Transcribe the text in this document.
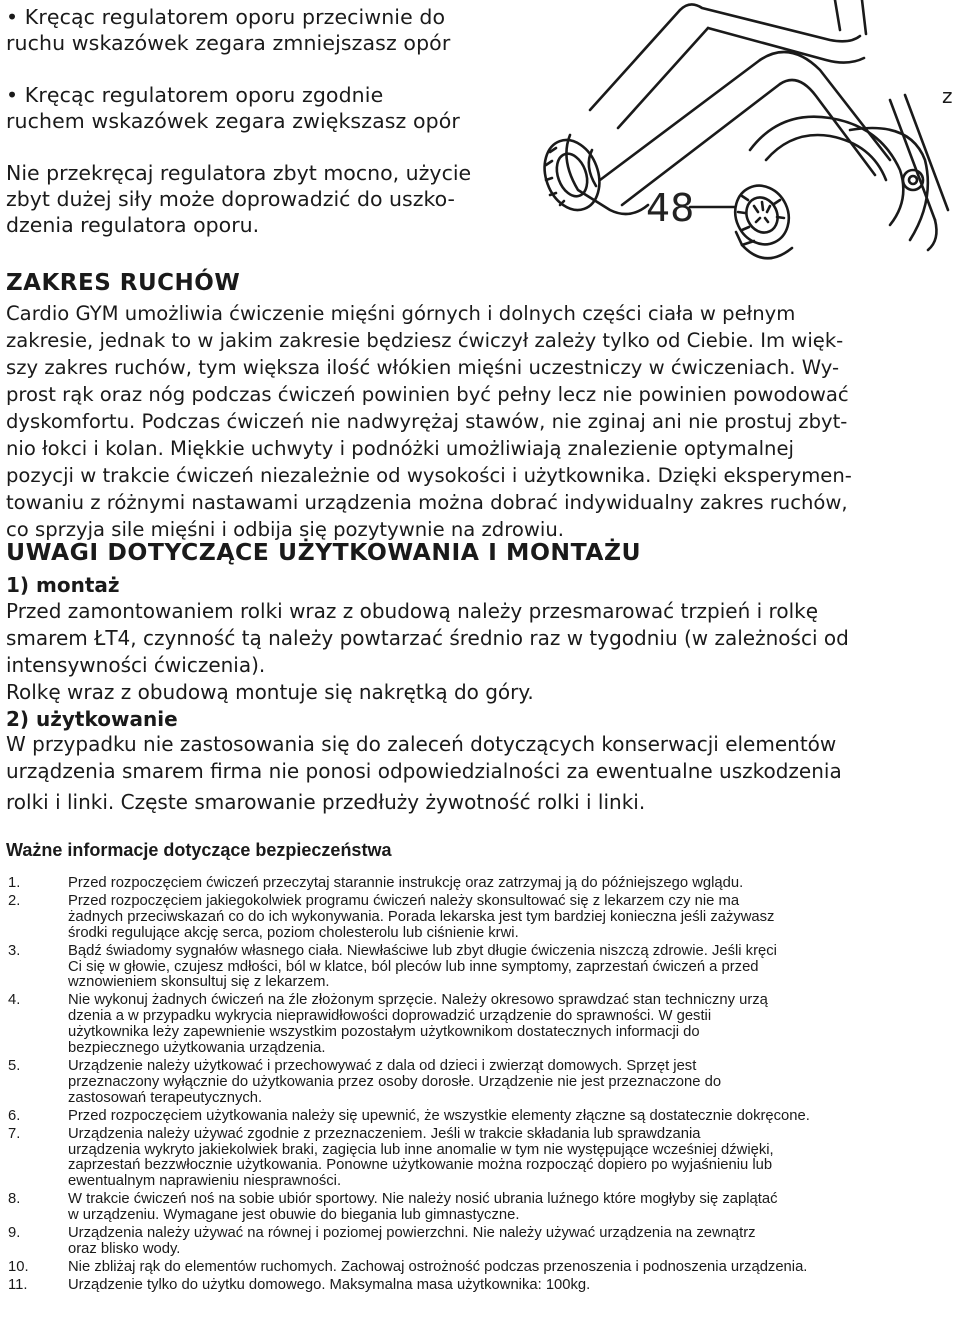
• Kręcąc regulatorem oporu przeciwnie do
ruchu wskazówek zegara zmniejszasz opór
• Kręcąc regulatorem oporu zgodnie
ruchem wskazówek zegara zwiększasz opór
Nie przekręcaj regulatora zbyt mocno, użycie
zbyt dużej siły może doprowadzić do uszko-
dzenia regulatora oporu.	48
z
ZAKRES RUCHÓW
Cardio GYM umożliwia ćwiczenie mięśni górnych i dolnych części ciała w pełnym
zakresie, jednak to w jakim zakresie będziesz ćwiczył zależy tylko od Ciebie. Im więk-
szy zakres ruchów, tym większa ilość włókien mięśni uczestniczy w ćwiczeniach. Wy-
prost rąk oraz nóg podczas ćwiczeń powinien być pełny lecz nie powinien powodować
dyskomfortu. Podczas ćwiczeń nie nadwyrężaj stawów, nie zginaj ani nie prostuj zbyt-
nio łokci i kolan. Miękkie uchwyty i podnóżki umożliwiają znalezienie optymalnej
pozycji w trakcie ćwiczeń niezależnie od wysokości i użytkownika. Dzięki eksperymen-
towaniu z różnymi nastawami urządzenia można dobrać indywidualny zakres ruchów,
co sprzyja sile mięśni i odbija się pozytywnie na zdrowiu.
UWAGI DOTYCZĄCE UŻYTKOWANIA I MONTAŻU
1) montaż
Przed zamontowaniem rolki wraz z obudową należy przesmarować trzpień i rolkę
smarem ŁT4, czynność tą należy powtarzać średnio raz w tygodniu (w zależności od
intensywności ćwiczenia).
Rolkę wraz z obudową montuje się nakrętką do góry.
2) użytkowanie
W przypadku nie zastosowania się do zaleceń dotyczących konserwacji elementów
urządzenia smarem firma nie ponosi odpowiedzialności za ewentualne uszkodzenia
rolki i linki. Częste smarowanie przedłuży żywotność rolki i linki.
Ważne informacje dotyczące bezpieczeństwa
1.	Przed rozpoczęciem ćwiczeń przeczytaj starannie instrukcję oraz zatrzymaj ją do późniejszego wglądu.
2.	Przed rozpoczęciem jakiegokolwiek programu ćwiczeń należy skonsultować się z lekarzem czy nie ma
żadnych przeciwskazań co do ich wykonywania. Porada lekarska jest tym bardziej konieczna jeśli zażywasz
środki regulujące akcję serca, poziom cholesterolu lub ciśnienie krwi.
3.	Bądź świadomy sygnałów własnego ciała. Niewłaściwe lub zbyt długie ćwiczenia niszczą zdrowie. Jeśli kręci
Ci się w głowie, czujesz mdłości, ból w klatce, ból pleców lub inne symptomy, zaprzestań ćwiczeń a przed
wznowieniem skonsultuj się z lekarzem.
4.	Nie wykonuj żadnych ćwiczeń na źle złożonym sprzęcie. Należy okresowo sprawdzać stan techniczny urzą
dzenia a w przypadku wykrycia nieprawidłowości doprowadzić urządzenie do sprawności. W gestii
użytkownika leży zapewnienie wszystkim pozostałym użytkownikom dostatecznych informacji do
bezpiecznego użytkowania urządzenia.
5.	Urządzenie należy użytkować i przechowywać z dala od dzieci i zwierząt domowych. Sprzęt jest
przeznaczony wyłącznie do użytkowania przez osoby dorosłe. Urządzenie nie jest przeznaczone do
zastosowań terapeutycznych.
6.	Przed rozpoczęciem użytkowania należy się upewnić, że wszystkie elementy złączne są dostatecznie dokręcone.
7.	Urządzenia należy używać zgodnie z przeznaczeniem. Jeśli w trakcie składania lub sprawdzania
urządzenia wykryto jakiekolwiek braki, zagięcia lub inne anomalie w tym nie występujące wcześniej dźwięki,
zaprzestań bezzwłocznie użytkowania. Ponowne użytkowanie można rozpocząć dopiero po wyjaśnieniu lub
ewentualnym naprawieniu niesprawności.
8.	W trakcie ćwiczeń noś na sobie ubiór sportowy. Nie należy nosić ubrania luźnego które mogłyby się zaplątać
w urządzeniu. Wymagane jest obuwie do biegania lub gimnastyczne.
9.	Urządzenia należy używać na równej i poziomej powierzchni. Nie należy używać urządzenia na zewnątrz
oraz blisko wody.
10.	Nie zbliżaj rąk do elementów ruchomych. Zachowaj ostrożność podczas przenoszenia i podnoszenia urządzenia.
11.	Urządzenie tylko do użytku domowego. Maksymalna masa użytkownika: 100kg.
